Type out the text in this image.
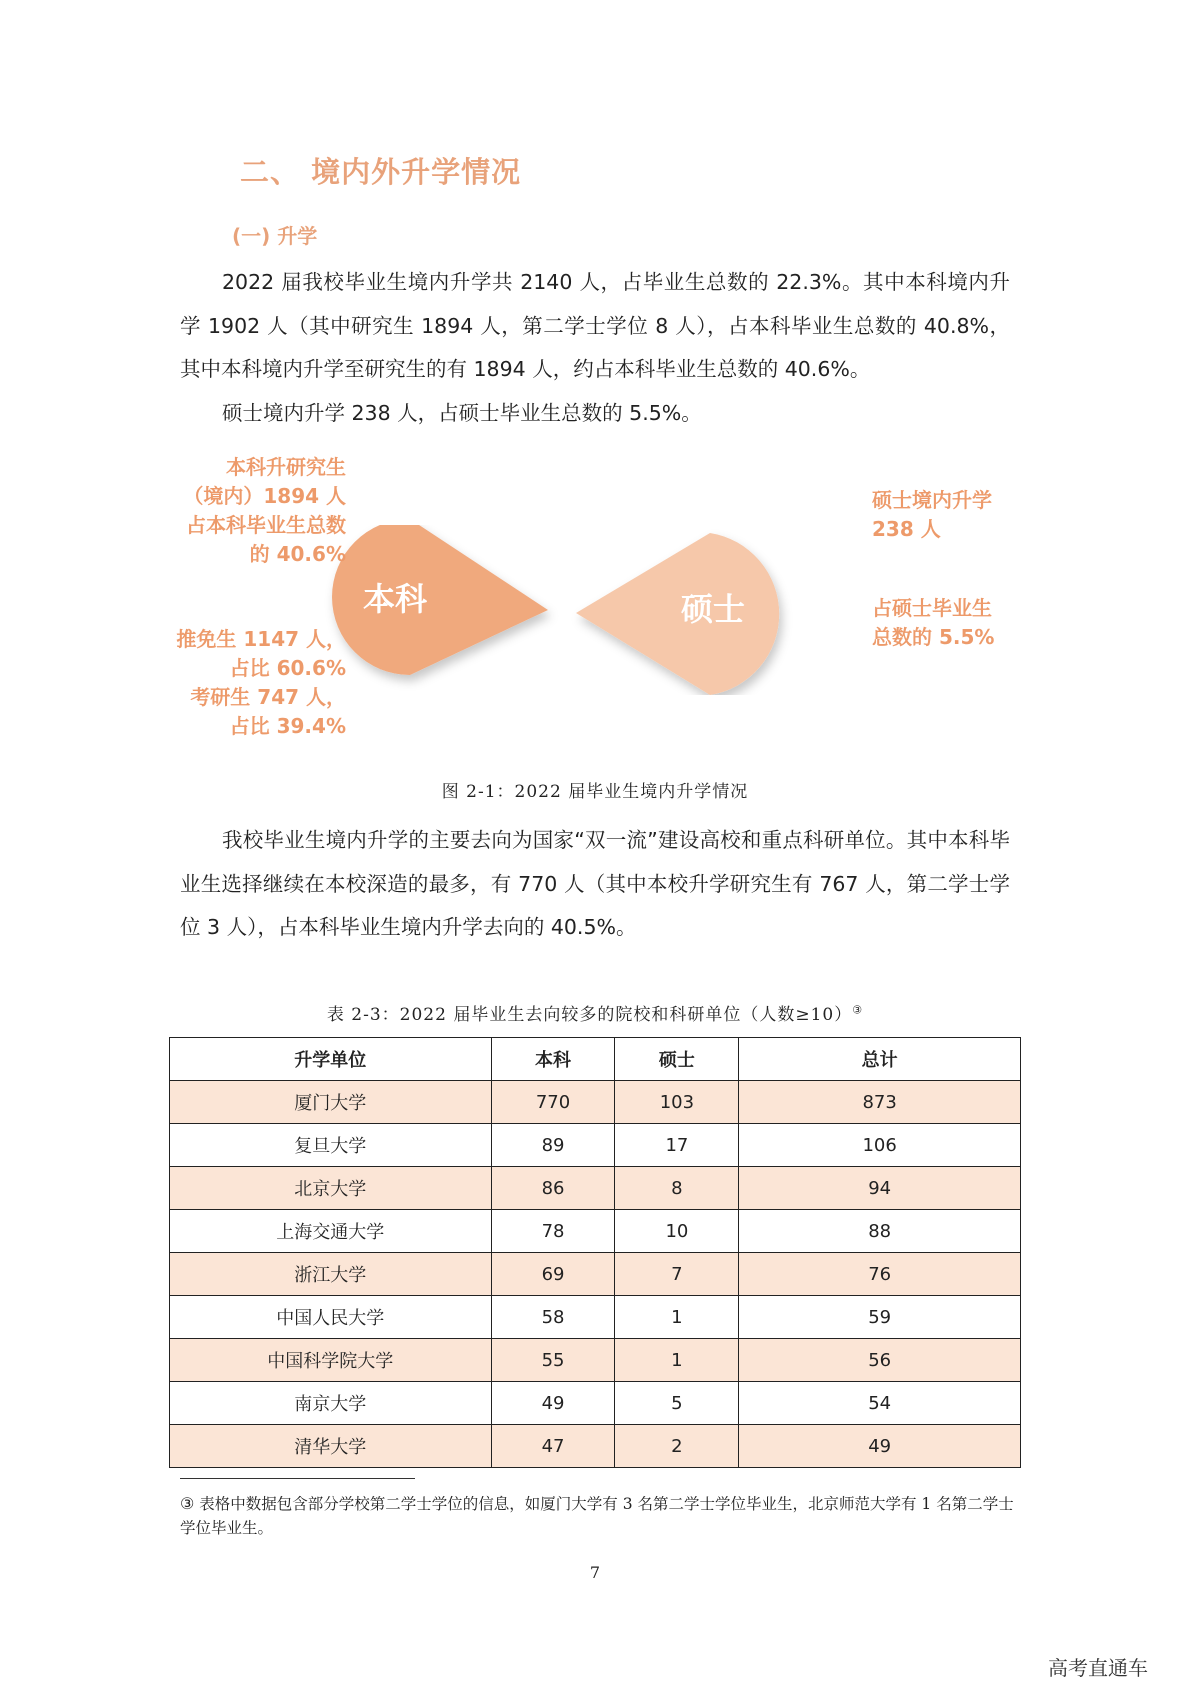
二、 境内外升学情况
(一) 升学

2022 届我校毕业生境内升学共 2140 人，占毕业生总数的 22.3%。其中本科境内升学 1902 人（其中研究生 1894 人，第二学士学位 8 人），占本科毕业生总数的 40.8%，其中本科境内升学至研究生的有 1894 人，约占本科毕业生总数的 40.6%。

硕士境内升学 238 人，占硕士毕业生总数的 5.5%。

本科	硕士
本科升研究生
（境内）1894 人
占本科毕业生总数
的 40.6%
推免生 1147 人，
占比 60.6%
考研生 747 人，
占比 39.4%
硕士境内升学
238 人
占硕士毕业生
总数的 5.5%
图 2-1：2022 届毕业生境内升学情况

我校毕业生境内升学的主要去向为国家“双一流”建设高校和重点科研单位。其中本科毕业生选择继续在本校深造的最多，有 770 人（其中本校升学研究生有 767 人，第二学士学位 3 人），占本科毕业生境内升学去向的 40.5%。

表 2-3：2022 届毕业生去向较多的院校和科研单位（人数≥10）③
升学单位	本科	硕士	总计
厦门大学	770	103	873
复旦大学	89	17	106
北京大学	86	8	94
上海交通大学	78	10	88
浙江大学	69	7	76
中国人民大学	58	1	59
中国科学院大学	55	1	56
南京大学	49	5	54
清华大学	47	2	49
③ 表格中数据包含部分学校第二学士学位的信息，如厦门大学有 3 名第二学士学位毕业生，北京师范大学有 1 名第二学士学位毕业生。
7
高考直通车
